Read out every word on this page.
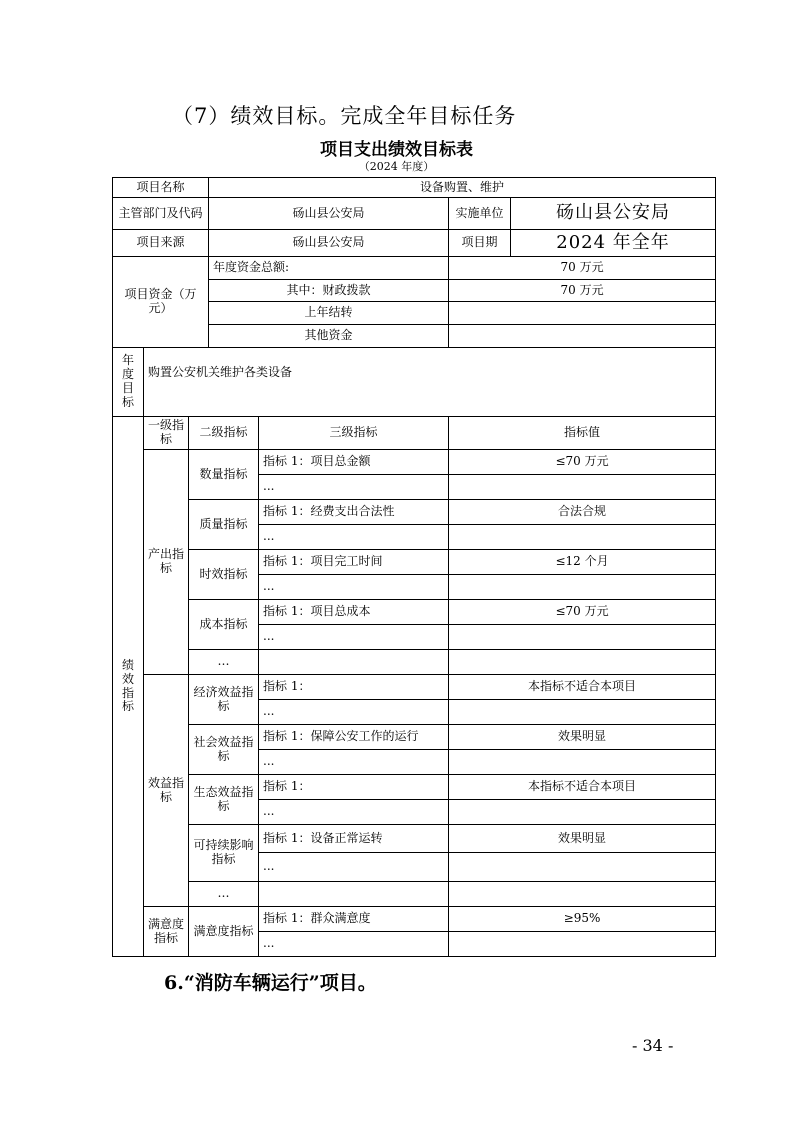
（7）绩效目标。完成全年目标任务
项目支出绩效目标表
（2024 年度）
项目名称			设备购置、维护			
主管部门及代码			砀山县公安局		实施单位	砀山县公安局
项目来源			砀山县公安局		项目期	2024 年全年
项目资金（万元）			年度资金总额:		70 万元	
			其中：财政拨款		70 万元	
			上年结转			
			其他资金			
年度目标	购置公安机关维护各类设备					
绩效指标	一级指标	二级指标		三级指标	指标值	
	产出指标	数量指标		指标 1：项目总金额	≤70 万元	
				...		
		质量指标		指标 1：经费支出合法性	合法合规	
				...		
		时效指标		指标 1：项目完工时间	≤12 个月	
				...		
		成本指标		指标 1：项目总成本	≤70 万元	
				...		
		…				
	效益指标	经济效益指标		指标 1：	本指标不适合本项目	
				...		
		社会效益指标		指标 1：保障公安工作的运行	效果明显	
				...		
		生态效益指标		指标 1：	本指标不适合本项目	
				...		
		可持续影响指标		指标 1：设备正常运转	效果明显	
				...		
		…				
	满意度指标	满意度指标		指标 1：群众满意度	≥95%	
				...		
6.“消防车辆运行”项目。
- 34 -
